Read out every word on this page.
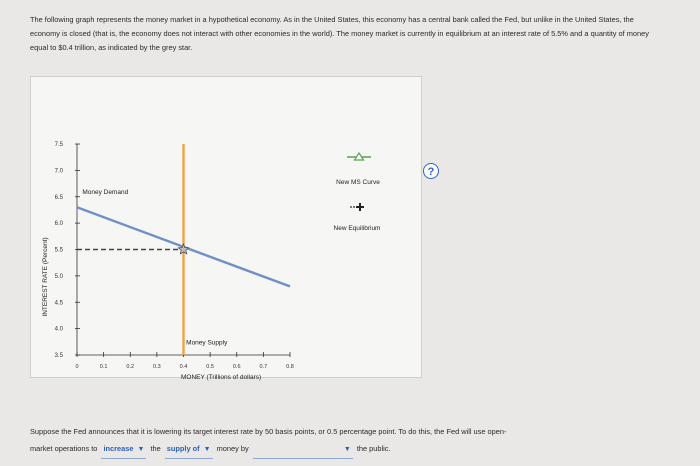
The following graph represents the money market in a hypothetical economy. As in the United States, this economy has a central bank called the Fed, but unlike in the United States, the economy is closed (that is, the economy does not interact with other economies in the world). The money market is currently in equilibrium at an interest rate of 5.5% and a quantity of money equal to $0.4 trillion, as indicated by the grey star.
?
3.5
4.0
4.5
5.0
5.5
6.0
6.5
7.0
7.5
0	0.1	0.2	0.3	0.4	0.5	0.6	0.7	0.8
MONEY (Trillions of dollars)
INTEREST RATE (Percent)
Money Demand
Money Supply
New MS Curve
New Equilibrium
Suppose the Fed announces that it is lowering its target interest rate by 50 basis points, or 0.5 percentage point. To do this, the Fed will use open-
market operations to increase ▼ the supply of ▼ money by	▼ the public.
